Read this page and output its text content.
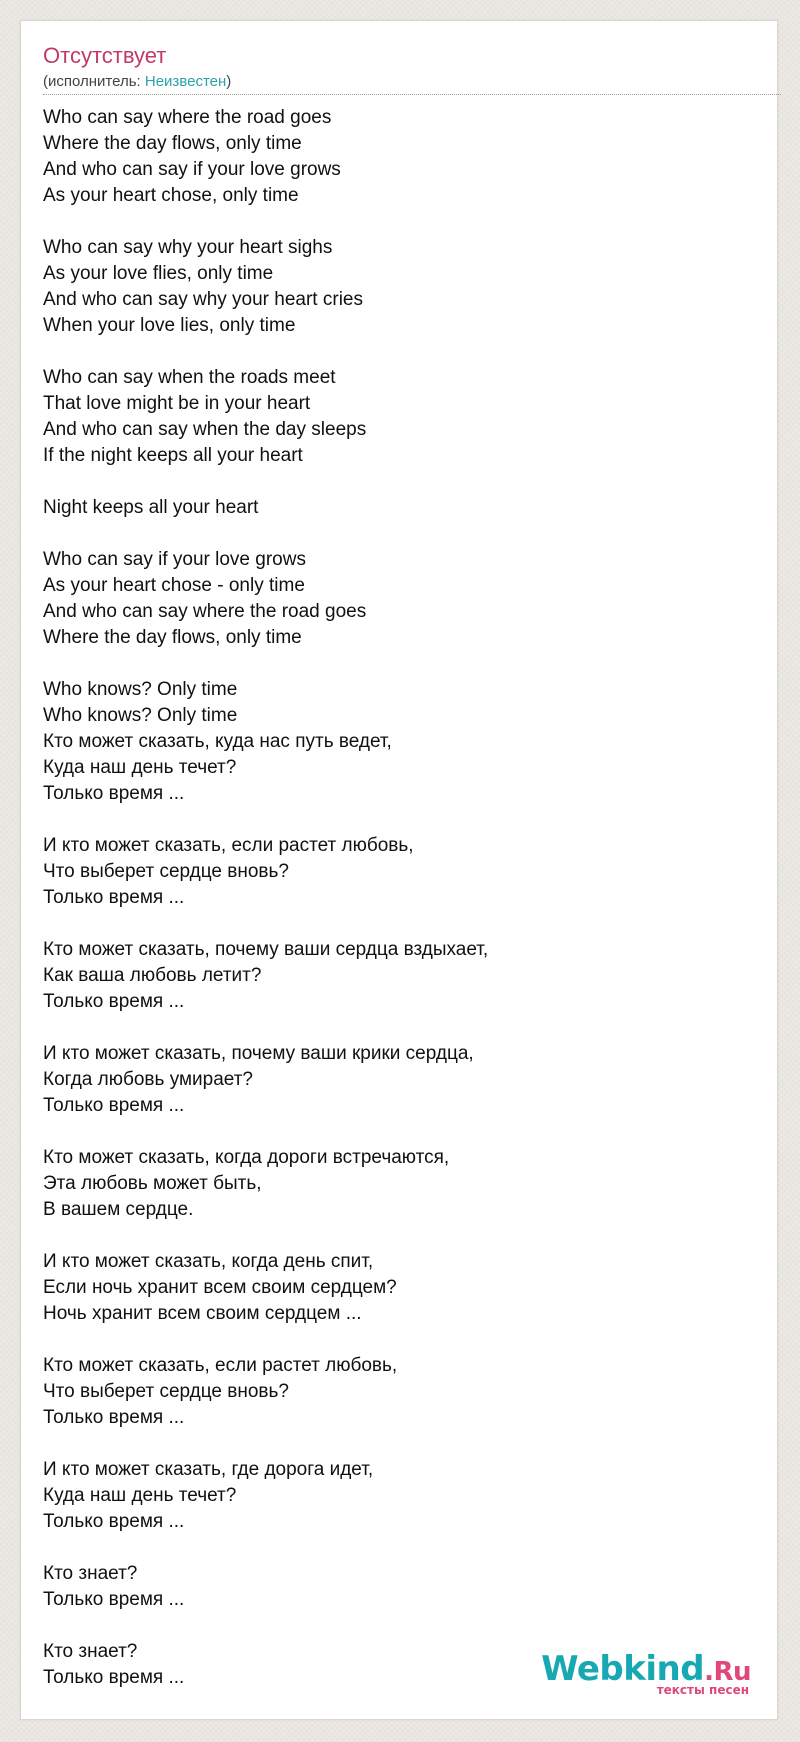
Отсутствует
(исполнитель: Неизвестен)
Who can say where the road goes
Where the day flows, only time
And who can say if your love grows
As your heart chose, only time

Who can say why your heart sighs
As your love flies, only time
And who can say why your heart cries
When your love lies, only time

Who can say when the roads meet
That love might be in your heart
And who can say when the day sleeps
If the night keeps all your heart

Night keeps all your heart

Who can say if your love grows
As your heart chose - only time
And who can say where the road goes
Where the day flows, only time

Who knows? Only time
Who knows? Only time
Кто может сказать, куда нас путь ведет,
Куда наш день течет?
Только время ...

И кто может сказать, если растет любовь,
Что выберет сердце вновь?
Только время ...

Кто может сказать, почему ваши сердца вздыхает,
Как ваша любовь летит?
Только время ...

И кто может сказать, почему ваши крики сердца,
Когда любовь умирает?
Только время ...

Кто может сказать, когда дороги встречаются,
Эта любовь может быть,
В вашем сердце.

И кто может сказать, когда день спит,
Если ночь хранит всем своим сердцем?
Ночь хранит всем своим сердцем ...

Кто может сказать, если растет любовь,
Что выберет сердце вновь?
Только время ...

И кто может сказать, где дорога идет,
Куда наш день течет?
Только время ...

Кто знает?
Только время ...

Кто знает?
Только время ...	Webkind.Ru
тексты песен
